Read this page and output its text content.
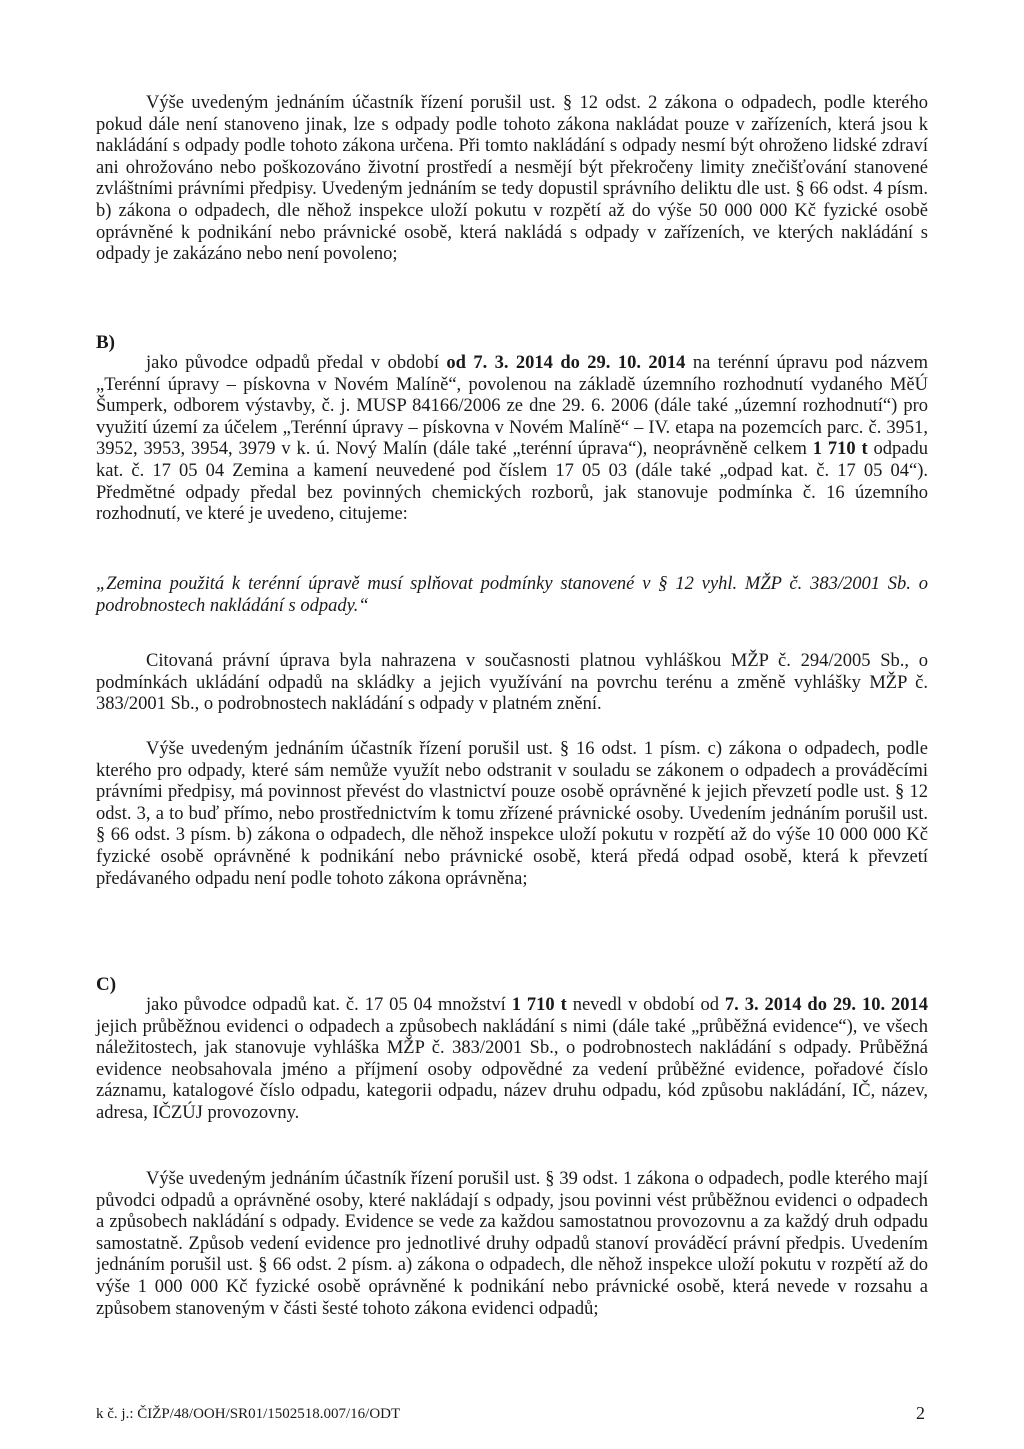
Výše uvedeným jednáním účastník řízení porušil ust. § 12 odst. 2 zákona o odpadech, podle kterého pokud dále není stanoveno jinak, lze s odpady podle tohoto zákona nakládat pouze v zařízeních, která jsou k nakládání s odpady podle tohoto zákona určena. Při tomto nakládání s odpady nesmí být ohroženo lidské zdraví ani ohrožováno nebo poškozováno životní prostředí a nesmějí být překročeny limity znečišťování stanovené zvláštními právními předpisy. Uvedeným jednáním se tedy dopustil správního deliktu dle ust. § 66 odst. 4 písm. b) zákona o odpadech, dle něhož inspekce uloží pokutu v rozpětí až do výše 50 000 000 Kč fyzické osobě oprávněné k podnikání nebo právnické osobě, která nakládá s odpady v zařízeních, ve kterých nakládání s odpady je zakázáno nebo není povoleno;

B)

jako původce odpadů předal v období od 7. 3. 2014 do 29. 10. 2014 na terénní úpravu pod názvem „Terénní úpravy – pískovna v Novém Malíně“, povolenou na základě územního rozhodnutí vydaného MěÚ Šumperk, odborem výstavby, č. j. MUSP 84166/2006 ze dne 29. 6. 2006 (dále také „územní rozhodnutí“) pro využití území za účelem „Terénní úpravy – pískovna v Novém Malíně“ – IV. etapa na pozemcích parc. č. 3951, 3952, 3953, 3954, 3979 v k. ú. Nový Malín (dále také „terénní úprava“), neoprávněně celkem 1 710 t odpadu kat. č. 17 05 04 Zemina a kamení neuvedené pod číslem 17 05 03 (dále také „odpad kat. č. 17 05 04“). Předmětné odpady předal bez povinných chemických rozborů, jak stanovuje podmínka č. 16 územního rozhodnutí, ve které je uvedeno, citujeme:

„Zemina použitá k terénní úpravě musí splňovat podmínky stanovené v § 12 vyhl. MŽP č. 383/2001 Sb. o podrobnostech nakládání s odpady.“

Citovaná právní úprava byla nahrazena v současnosti platnou vyhláškou MŽP č. 294/2005 Sb., o podmínkách ukládání odpadů na skládky a jejich využívání na povrchu terénu a změně vyhlášky MŽP č. 383/2001 Sb., o podrobnostech nakládání s odpady v platném znění.

Výše uvedeným jednáním účastník řízení porušil ust. § 16 odst. 1 písm. c) zákona o odpadech, podle kterého pro odpady, které sám nemůže využít nebo odstranit v souladu se zákonem o odpadech a prováděcími právními předpisy, má povinnost převést do vlastnictví pouze osobě oprávněné k jejich převzetí podle ust. § 12 odst. 3, a to buď přímo, nebo prostřednictvím k tomu zřízené právnické osoby. Uvedením jednáním porušil ust. § 66 odst. 3 písm. b) zákona o odpadech, dle něhož inspekce uloží pokutu v rozpětí až do výše 10 000 000 Kč fyzické osobě oprávněné k podnikání nebo právnické osobě, která předá odpad osobě, která k převzetí předávaného odpadu není podle tohoto zákona oprávněna;

C)

jako původce odpadů kat. č. 17 05 04 množství 1 710 t nevedl v období od 7. 3. 2014 do 29. 10. 2014 jejich průběžnou evidenci o odpadech a způsobech nakládání s nimi (dále také „průběžná evidence“), ve všech náležitostech, jak stanovuje vyhláška MŽP č. 383/2001 Sb., o podrobnostech nakládání s odpady. Průběžná evidence neobsahovala jméno a příjmení osoby odpovědné za vedení průběžné evidence, pořadové číslo záznamu, katalogové číslo odpadu, kategorii odpadu, název druhu odpadu, kód způsobu nakládání, IČ, název, adresa, IČZÚJ provozovny.

Výše uvedeným jednáním účastník řízení porušil ust. § 39 odst. 1 zákona o odpadech, podle kterého mají původci odpadů a oprávněné osoby, které nakládají s odpady, jsou povinni vést průběžnou evidenci o odpadech a způsobech nakládání s odpady. Evidence se vede za každou samostatnou provozovnu a za každý druh odpadu samostatně. Způsob vedení evidence pro jednotlivé druhy odpadů stanoví prováděcí právní předpis. Uvedením jednáním porušil ust. § 66 odst. 2 písm. a) zákona o odpadech, dle něhož inspekce uloží pokutu v rozpětí až do výše 1 000 000 Kč fyzické osobě oprávněné k podnikání nebo právnické osobě, která nevede v rozsahu a způsobem stanoveným v části šesté tohoto zákona evidenci odpadů;

k č. j.: ČIŽP/48/OOH/SR01/1502518.007/16/ODT	2
